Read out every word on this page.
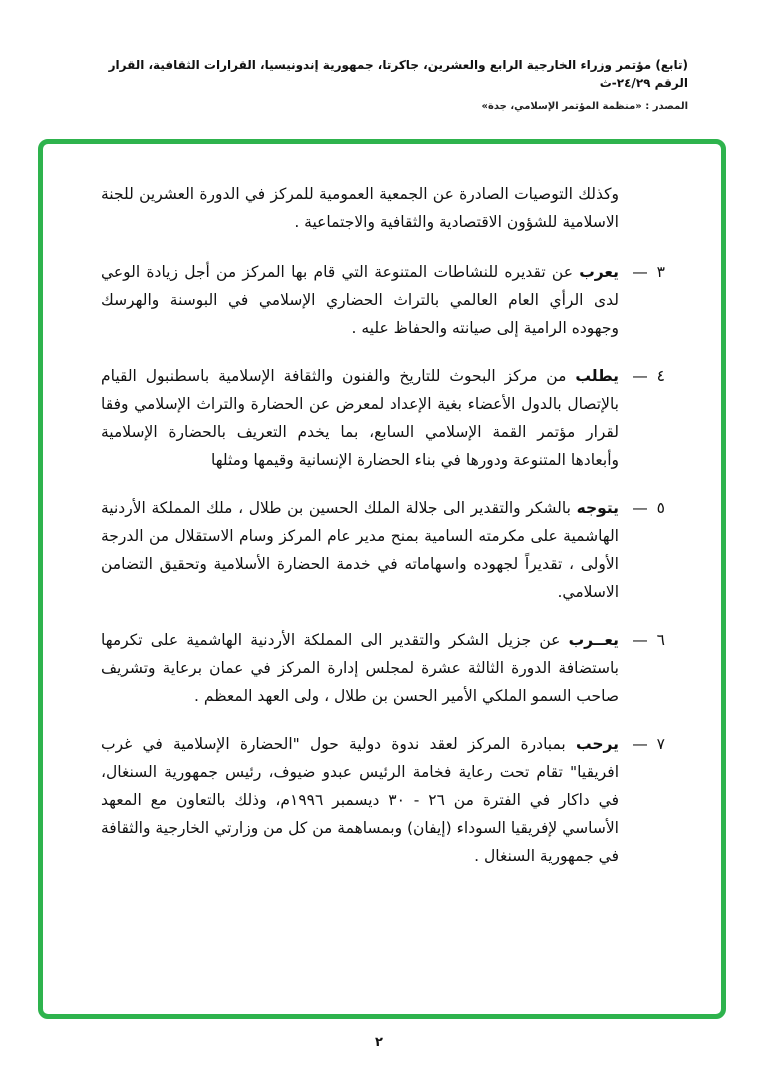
(تابع) مؤتمر وزراء الخارجية الرابع والعشرين، جاكرتا، جمهورية إندونيسيا، القرارات الثقافية، القرار الرقم ٢٤/٢٩-ث
المصدر : «منظمة المؤتمر الإسلامي، جدة»

وكذلك التوصيات الصادرة عن الجمعية العمومية للمركز في الدورة العشرين للجنة الاسلامية للشؤون الاقتصادية والثقافية والاجتماعية .

٣ —

يعرب عن تقديره للنشاطات المتنوعة التي قام بها المركز من أجل زيادة الوعي لدى الرأي العام العالمي بالتراث الحضاري الإسلامي في البوسنة والهرسك وجهوده الرامية إلى صيانته والحفاظ عليه .

٤ —

يطلب من مركز البحوث للتاريخ والفنون والثقافة الإسلامية باسطنبول القيام بالإتصال بالدول الأعضاء بغية الإعداد لمعرض عن الحضارة والتراث الإسلامي وفقا لقرار مؤتمر القمة الإسلامي السابع، بما يخدم التعريف بالحضارة الإسلامية وأبعادها المتنوعة ودورها في بناء الحضارة الإنسانية وقيمها ومثلها

٥ —

يتوجه بالشكر والتقدير الى جلالة الملك الحسين بن طلال ، ملك المملكة الأردنية الهاشمية على مكرمته السامية بمنح مدير عام المركز وسام الاستقلال من الدرجة الأولى ، تقديراً لجهوده واسهاماته في خدمة الحضارة الأسلامية وتحقيق التضامن الاسلامي.

٦ —

يعــرب عن جزيل الشكر والتقدير الى المملكة الأردنية الهاشمية على تكرمها باستضافة الدورة الثالثة عشرة لمجلس إدارة المركز في عمان برعاية وتشريف صاحب السمو الملكي الأمير الحسن بن طلال ، ولى العهد المعظم .

٧ —

يرحب بمبادرة المركز لعقد ندوة دولية حول "الحضارة الإسلامية في غرب افريقيا" تقام تحت رعاية فخامة الرئيس عبدو ضيوف، رئيس جمهورية السنغال، في داكار في الفترة من ٢٦ - ٣٠ ديسمبر ١٩٩٦م، وذلك بالتعاون مع المعهد الأساسي لإفريقيا السوداء (إيفان) وبمساهمة من كل من وزارتي الخارجية والثقافة في جمهورية السنغال .

٢
